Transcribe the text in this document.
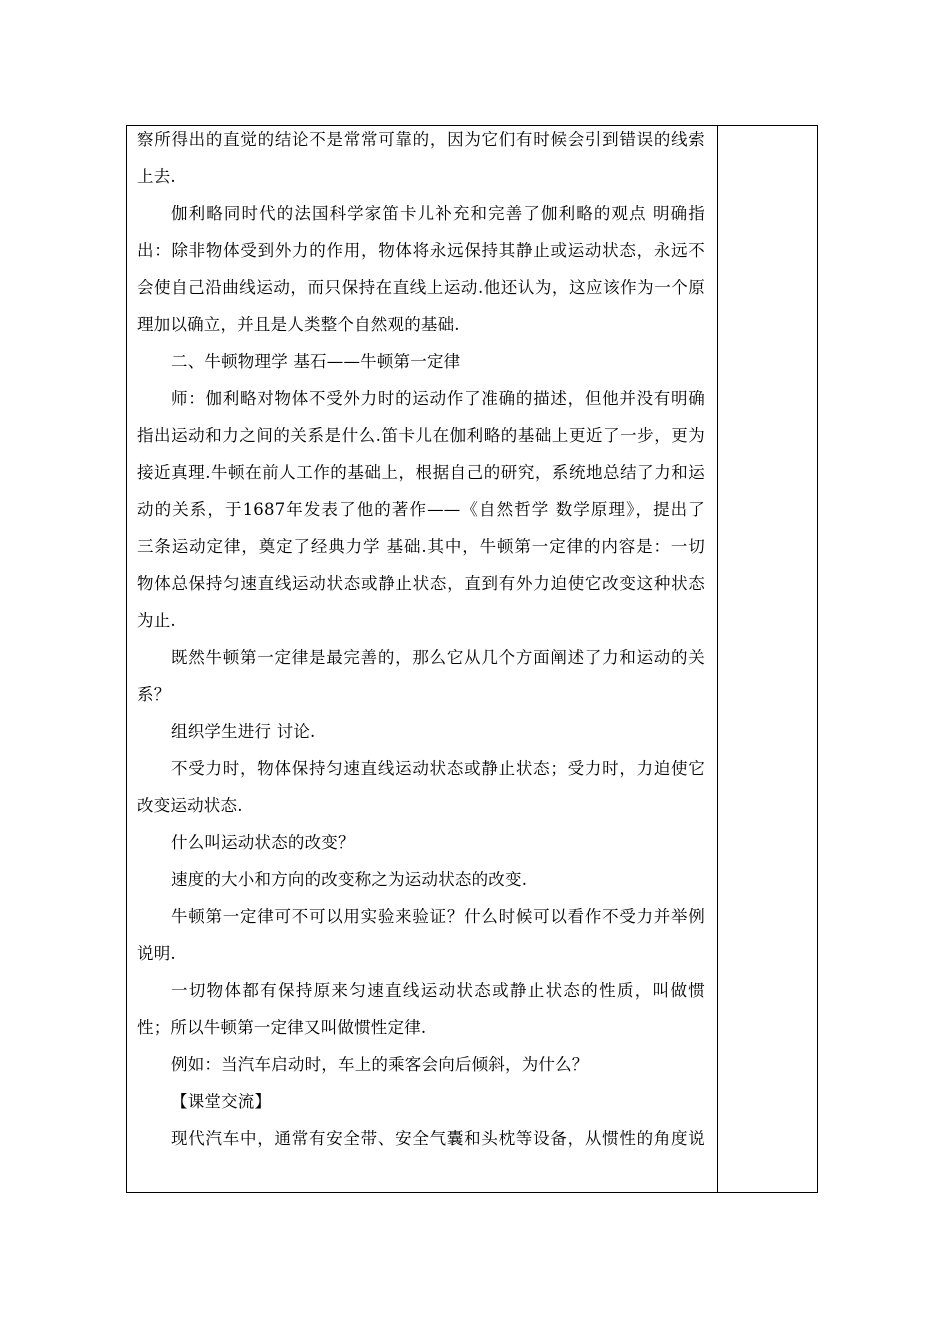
察所得出的直觉的结论不是常常可靠的，因为它们有时候会引到错误的线索
上去.
伽利略同时代的法国科学家笛卡儿补充和完善了伽利略的观点 明确指
出：除非物体受到外力的作用，物体将永远保持其静止或运动状态，永远不
会使自己沿曲线运动，而只保持在直线上运动.他还认为，这应该作为一个原
理加以确立，并且是人类整个自然观的基础.
二、牛顿物理学 基石——牛顿第一定律
师：伽利略对物体不受外力时的运动作了准确的描述，但他并没有明确
指出运动和力之间的关系是什么.笛卡儿在伽利略的基础上更近了一步，更为
接近真理.牛顿在前人工作的基础上，根据自己的研究，系统地总结了力和运
动的关系，于1687年发表了他的著作——《自然哲学 数学原理》，提出了
三条运动定律，奠定了经典力学 基础.其中，牛顿第一定律的内容是：一切
物体总保持匀速直线运动状态或静止状态，直到有外力迫使它改变这种状态
为止.
既然牛顿第一定律是最完善的，那么它从几个方面阐述了力和运动的关
系？
组织学生进行 讨论.
不受力时，物体保持匀速直线运动状态或静止状态；受力时，力迫使它
改变运动状态.
什么叫运动状态的改变？
速度的大小和方向的改变称之为运动状态的改变.
牛顿第一定律可不可以用实验来验证？什么时候可以看作不受力并举例
说明.
一切物体都有保持原来匀速直线运动状态或静止状态的性质，叫做惯
性；所以牛顿第一定律又叫做惯性定律.
例如：当汽车启动时，车上的乘客会向后倾斜，为什么？
【课堂交流】
现代汽车中，通常有安全带、安全气囊和头枕等设备，从惯性的角度说
